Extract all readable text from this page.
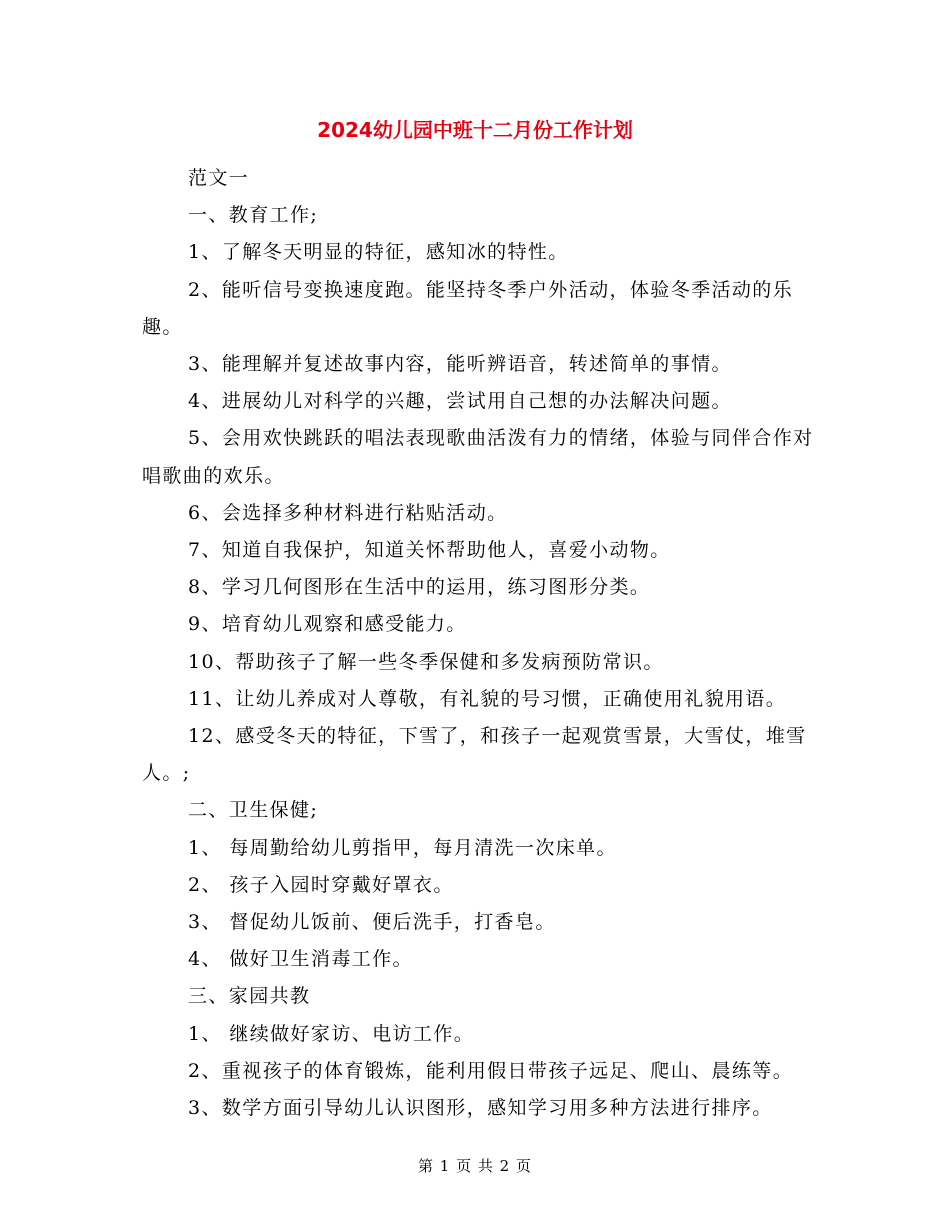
2024幼儿园中班十二月份工作计划

范文一

一、教育工作;

1、了解冬天明显的特征，感知冰的特性。

2、能听信号变换速度跑。能坚持冬季户外活动，体验冬季活动的乐趣。

3、能理解并复述故事内容，能听辨语音，转述简单的事情。

4、进展幼儿对科学的兴趣，尝试用自己想的办法解决问题。

5、会用欢快跳跃的唱法表现歌曲活泼有力的情绪，体验与同伴合作对唱歌曲的欢乐。

6、会选择多种材料进行粘贴活动。

7、知道自我保护，知道关怀帮助他人，喜爱小动物。

8、学习几何图形在生活中的运用，练习图形分类。

9、培育幼儿观察和感受能力。

10、帮助孩子了解一些冬季保健和多发病预防常识。

11、让幼儿养成对人尊敬，有礼貌的号习惯，正确使用礼貌用语。

12、感受冬天的特征，下雪了，和孩子一起观赏雪景，大雪仗，堆雪人。;

二、卫生保健;

1、 每周勤给幼儿剪指甲，每月清洗一次床单。

2、 孩子入园时穿戴好罩衣。

3、 督促幼儿饭前、便后洗手，打香皂。

4、 做好卫生消毒工作。

三、家园共教

1、 继续做好家访、电访工作。

2、重视孩子的体育锻炼，能利用假日带孩子远足、爬山、晨练等。

3、数学方面引导幼儿认识图形，感知学习用多种方法进行排序。

第 1 页 共 2 页
